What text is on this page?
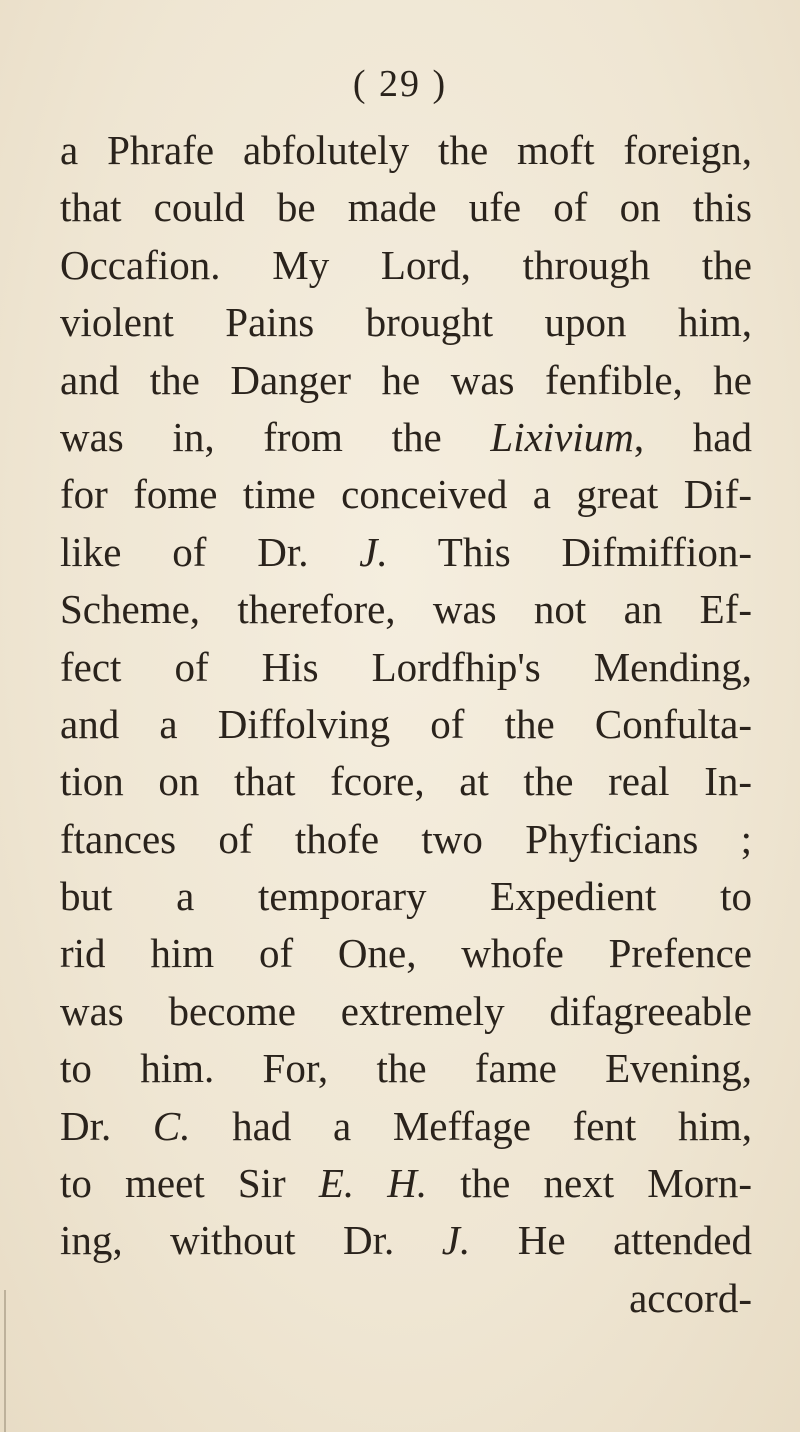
( 29 )
a Phrafe abfolutely the moft foreign,
that could be made ufe of on this
Occafion. My Lord, through the
violent Pains brought upon him,
and the Danger he was fenfible, he
was in, from the Lixivium, had
for fome time conceived a great Dif-
like of Dr. J. This Difmiffion-
Scheme, therefore, was not an Ef-
fect of His Lordfhip's Mending,
and a Diffolving of the Confulta-
tion on that fcore, at the real In-
ftances of thofe two Phyficians ;
but a temporary Expedient to
rid him of One, whofe Prefence
was become extremely difagreeable
to him. For, the fame Evening,
Dr. C. had a Meffage fent him,
to meet Sir E. H. the next Morn-
ing, without Dr. J. He attended
accord-
